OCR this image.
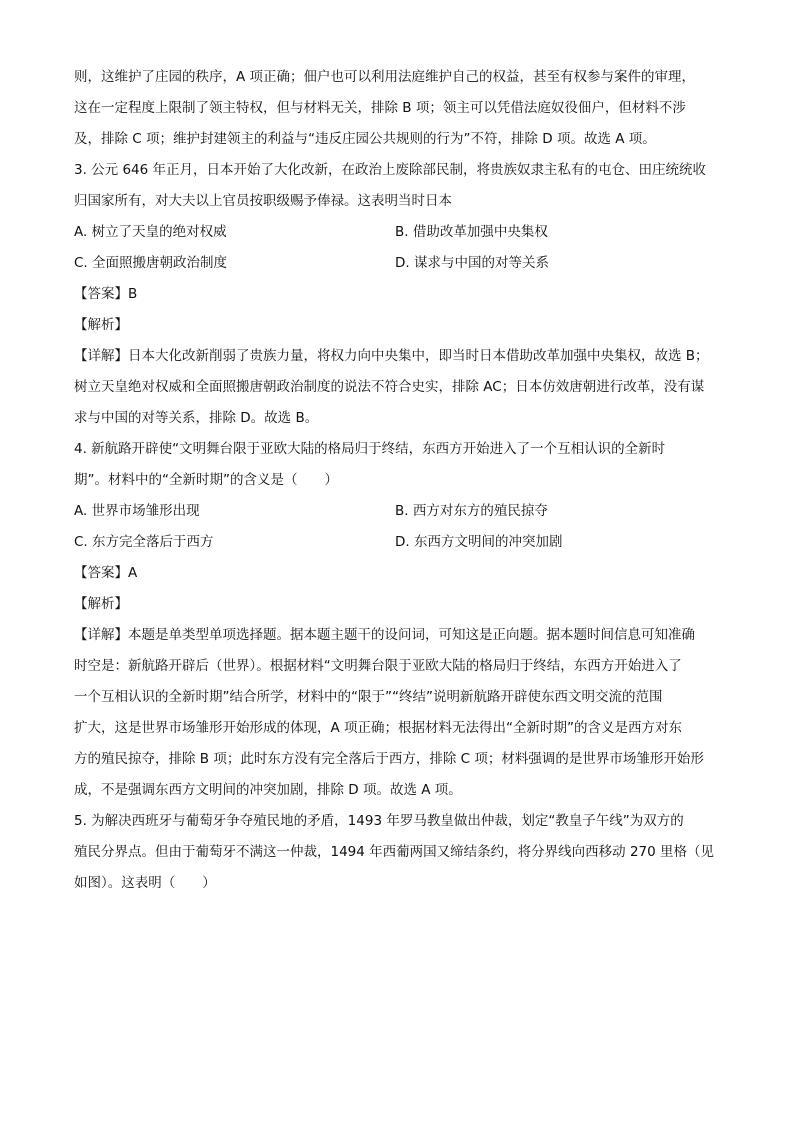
则，这维护了庄园的秩序，A 项正确；佃户也可以利用法庭维护自己的权益，甚至有权参与案件的审理，
这在一定程度上限制了领主特权，但与材料无关，排除 B 项；领主可以凭借法庭奴役佃户，但材料不涉
及，排除 C 项；维护封建领主的利益与“违反庄园公共规则的行为”不符，排除 D 项。故选 A 项。
3. 公元 646 年正月，日本开始了大化改新，在政治上废除部民制，将贵族奴隶主私有的屯仓、田庄统统收
归国家所有，对大夫以上官员按职级赐予俸禄。这表明当时日本
A. 树立了天皇的绝对权威	B. 借助改革加强中央集权
C. 全面照搬唐朝政治制度	D. 谋求与中国的对等关系
【答案】B
【解析】
【详解】日本大化改新削弱了贵族力量，将权力向中央集中，即当时日本借助改革加强中央集权，故选 B；
树立天皇绝对权威和全面照搬唐朝政治制度的说法不符合史实，排除 AC；日本仿效唐朝进行改革，没有谋
求与中国的对等关系，排除 D。故选 B。
4. 新航路开辟使“文明舞台限于亚欧大陆的格局归于终结，东西方开始进入了一个互相认识的全新时
期”。材料中的“全新时期”的含义是（　　）
A. 世界市场雏形出现	B. 西方对东方的殖民掠夺
C. 东方完全落后于西方	D. 东西方文明间的冲突加剧
【答案】A
【解析】
【详解】本题是单类型单项选择题。据本题主题干的设问词，可知这是正向题。据本题时间信息可知准确
时空是：新航路开辟后（世界）。根据材料“文明舞台限于亚欧大陆的格局归于终结，东西方开始进入了
一个互相认识的全新时期”结合所学，材料中的“限于”“终结”说明新航路开辟使东西文明交流的范围
扩大，这是世界市场雏形开始形成的体现，A 项正确；根据材料无法得出“全新时期”的含义是西方对东
方的殖民掠夺，排除 B 项；此时东方没有完全落后于西方，排除 C 项；材料强调的是世界市场雏形开始形
成，不是强调东西方文明间的冲突加剧，排除 D 项。故选 A 项。
5. 为解决西班牙与葡萄牙争夺殖民地的矛盾，1493 年罗马教皇做出仲裁，划定“教皇子午线”为双方的
殖民分界点。但由于葡萄牙不满这一仲裁，1494 年西葡两国又缔结条约，将分界线向西移动 270 里格（见
如图）。这表明（　　）
